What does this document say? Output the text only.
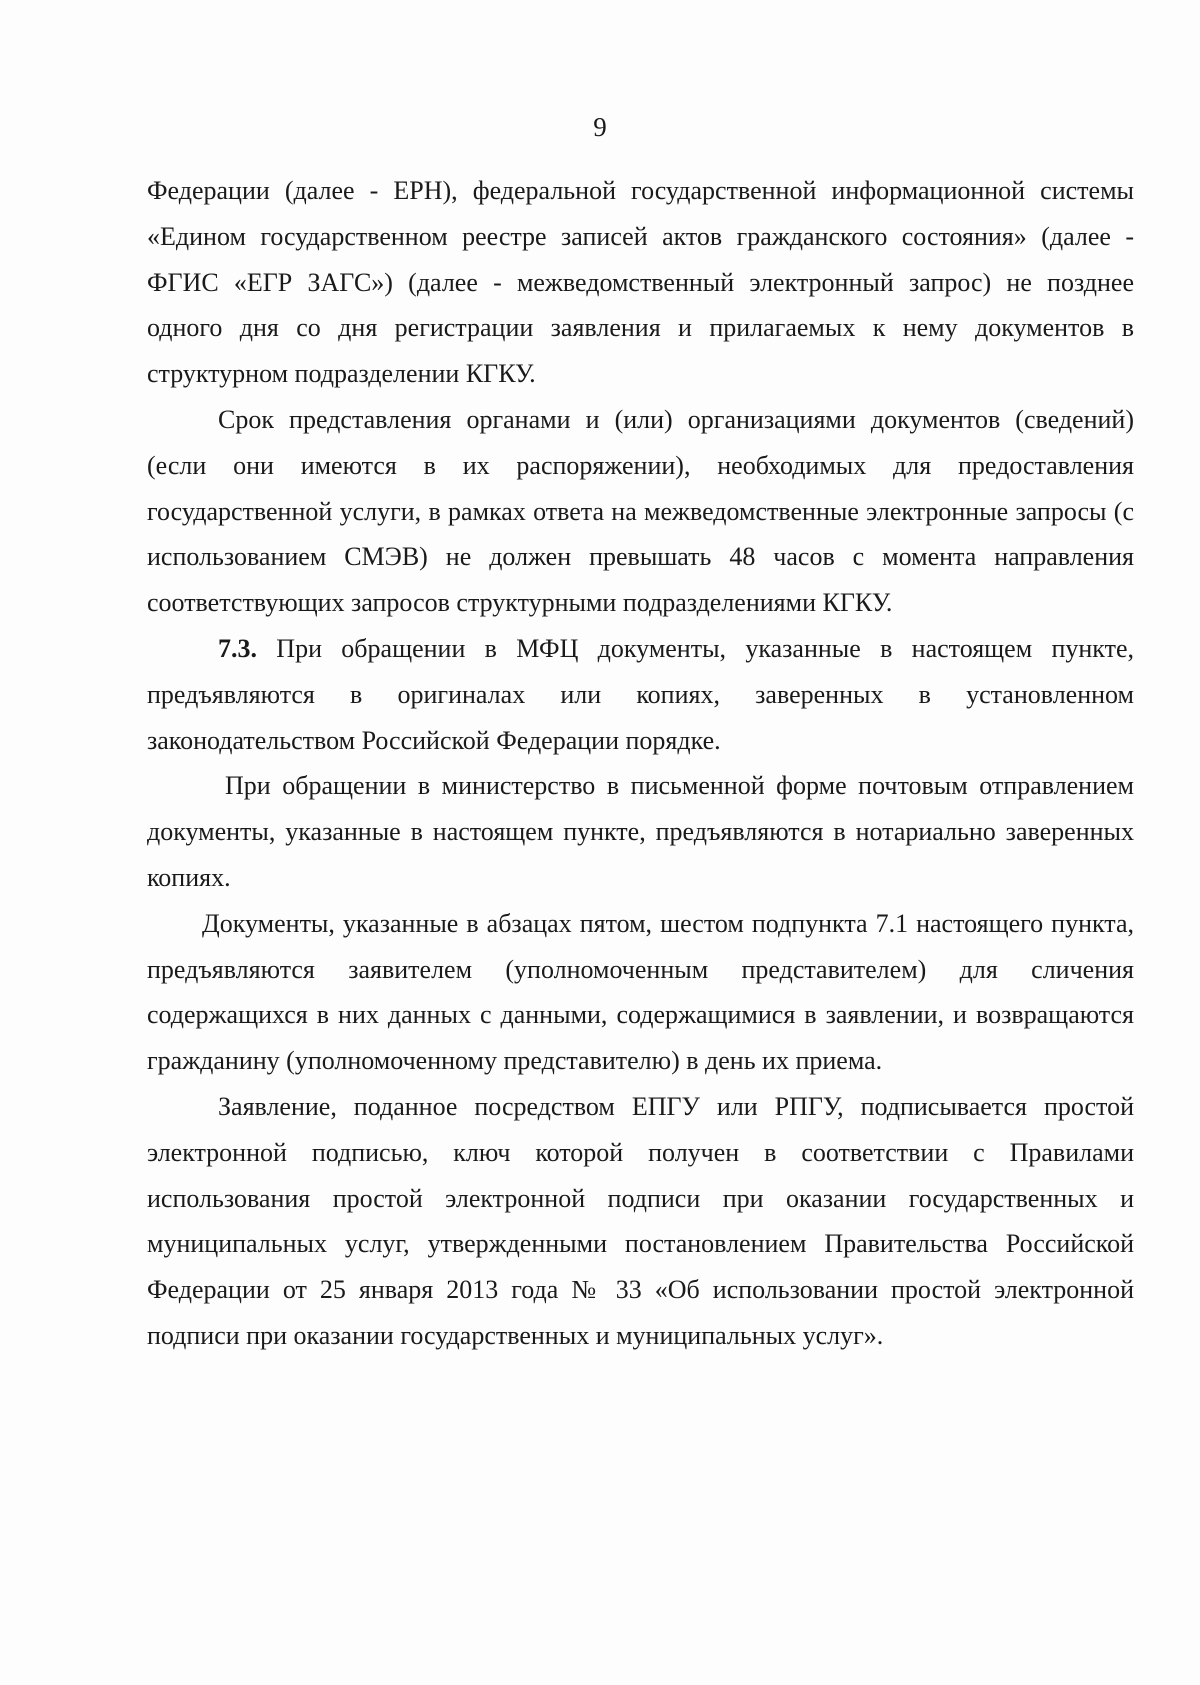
9

Федерации (далее - ЕРН), федеральной государственной информационной системы «Едином государственном реестре записей актов гражданского состояния» (далее - ФГИС «ЕГР ЗАГС») (далее - межведомственный электронный запрос) не позднее одного дня со дня регистрации заявления и прилагаемых к нему документов в структурном подразделении КГКУ.

Срок представления органами и (или) организациями документов (сведений) (если они имеются в их распоряжении), необходимых для предоставления государственной услуги, в рамках ответа на межведомственные электронные запросы (с использованием СМЭВ) не должен превышать 48 часов с момента направления соответствующих запросов структурными подразделениями КГКУ.

7.3. При обращении в МФЦ документы, указанные в настоящем пункте, предъявляются в оригиналах или копиях, заверенных в установленном законодательством Российской Федерации порядке.

При обращении в министерство в письменной форме почтовым отправлением документы, указанные в настоящем пункте, предъявляются в нотариально заверенных копиях.

Документы, указанные в абзацах пятом, шестом подпункта 7.1 настоящего пункта, предъявляются заявителем (уполномоченным представителем) для сличения содержащихся в них данных с данными, содержащимися в заявлении, и возвращаются гражданину (уполномоченному представителю) в день их приема.

Заявление, поданное посредством ЕПГУ или РПГУ, подписывается простой электронной подписью, ключ которой получен в соответствии с Правилами использования простой электронной подписи при оказании государственных и муниципальных услуг, утвержденными постановлением Правительства Российской Федерации от 25 января 2013 года № 33 «Об использовании простой электронной подписи при оказании государственных и муниципальных услуг».
